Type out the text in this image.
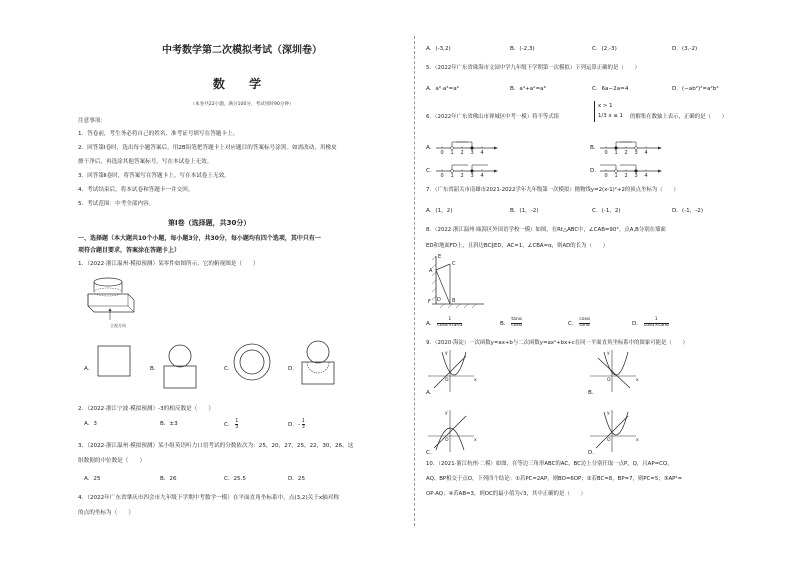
中考数学第二次模拟考试（深圳卷）
数 学
（本卷共22小题，满分100分，考试用时90分钟）
注意事项：
1．答卷前，考生务必将自己的姓名、准考证号填写在答题卡上。
2．回答第Ⅰ卷时，选出每小题答案后，用2B铅笔把答题卡上对应题目的答案标号涂黑。如需改动，用橡皮
擦干净后，再选涂其他答案标号。写在本试卷上无效。
3．回答第Ⅱ卷时，将答案写在答题卡上。写在本试卷上无效。
4．考试结束后，将本试卷和答题卡一并交回。
5．考试范围：中考全部内容。
第Ⅰ卷（选择题，共30分）
一、选择题（本大题共10个小题，每小题3分，共30分，每小题均有四个选项，其中只有一
项符合题目要求，答案涂在答题卡上）
1．（2022·浙江温州·模拟预测）某零件如图所示，它的俯视图是（　　）
主视方向
A．	B．	C．	D．
2．（2022·浙江宁波·模拟预测）-3的相反数是（　　）
A．3	B．±3	C． $\frac{1}{3}$	D．- $\frac{1}{3}$
3．（2022·浙江温州·模拟预测）某小组英语听力口语考试的分数依次为：25，20，27，25，22，30，26，这
组数据的中位数是（　　）
A．25	B．26	C．25.5	D．25
4．（2022年广东省肇庆市四会市九年级下学期中考数学一模）在平面直角坐标系中，点(3,2)关于x轴对称
的点的坐标为（　　）
A．(-3,2)	B．(-2,3)	C．(2,-3)	D．(3,-2)
5．（2022年广东省珠海市文园中学九年级下学期第一次模拟）下列运算正确的是（　　）
A．a²·a³=a⁶	B．a⁴+a²=a⁶	C．6a−2a=4	D．(−ab²)²=a²b⁴
6．（2022年广东省佛山市禅城区中考一模）将不等式组
x > 1
1/3 x ≤ 1 的解集在数轴上表示，正确的是（　　）
0 1 2 3 4	0 1 2 3 4
0 1 2 3 4	0 1 2 3 4
A．	B．
C．	D．
7．（广东省韶关市南雄市2021-2022学年九年级第一次模拟）抛物线y=2(x-1)²+2的顶点坐标为（　　）
A．(1，2)	B．(1，-2)	C．(-1，2)	D．(-1，-2)
8．（2022·浙江温州·瓯海区外国语学校一模）如图，在Rt△ABC中，∠CAB=90°，点A,B分别在墙面
ED和地面FD上，且斜边BC∥ED，AC=1，∠CBA=α，则AD的长为（　　）
E
A
C
F	B
D
A． $\frac{1}{\cos\alpha\times\tan\alpha}$	B． $\frac{\tan\alpha}{\cos\alpha}$	C． $\frac{\cos\alpha}{\tan\alpha}$	D． $\frac{1}{\cos\alpha\times\tan\alpha}$
9．（2020·海淀）一次函数y=ax+b与二次函数y=ax²+bx+c在同一平面直角坐标系中的图象可能是（　　）
x
y
O	x
y
O
x
y
O	x
y
O
A．	B．
C．	D．
10．（2021·浙江杭州·二模）如图，在等边三角形ABC的AC，BC边上分别任取一点P，Q，且AP=CQ，
AQ、BP相交于点O，下列四个结论：①若PC=2AP，则BO=6OP；②若BC=8，BP=7，则PC=5；③AP²=
OP·AQ；④若AB=3，则OC的最小值为√3，其中正确的是（　　）
